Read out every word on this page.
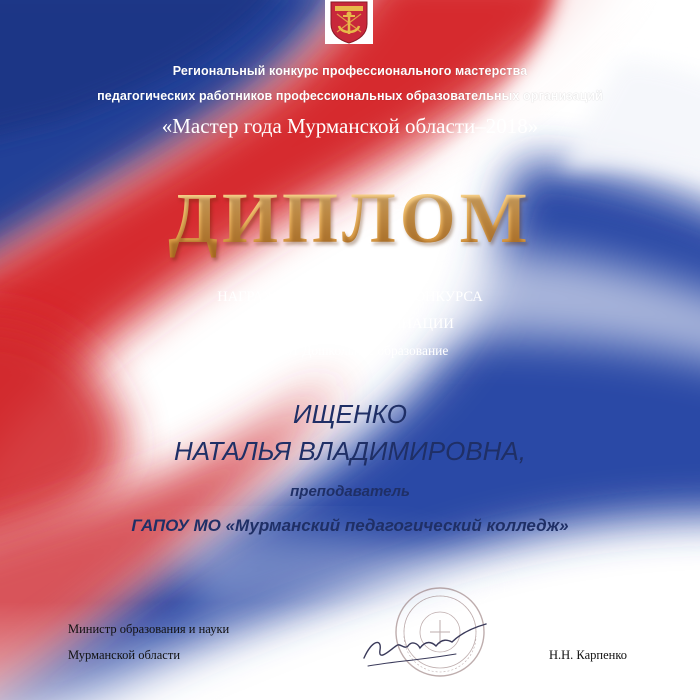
Региональный конкурс профессионального мастерства
педагогических работников профессиональных образовательных организаций
«Мастер года Мурманской области–2018»
ДИПЛОМ
НАГРАЖДАЕТСЯ ЛАУРЕАТ КОНКУРСА
ПОБЕДИТЕЛЬ В НОМИНАЦИИ
44.02.01 Дошкольное образование
ИЩЕНКО
НАТАЛЬЯ ВЛАДИМИРОВНА,
преподаватель
ГАПОУ МО «Мурманский педагогический колледж»
Министр образования и науки
Мурманской области	Н.Н. Карпенко
